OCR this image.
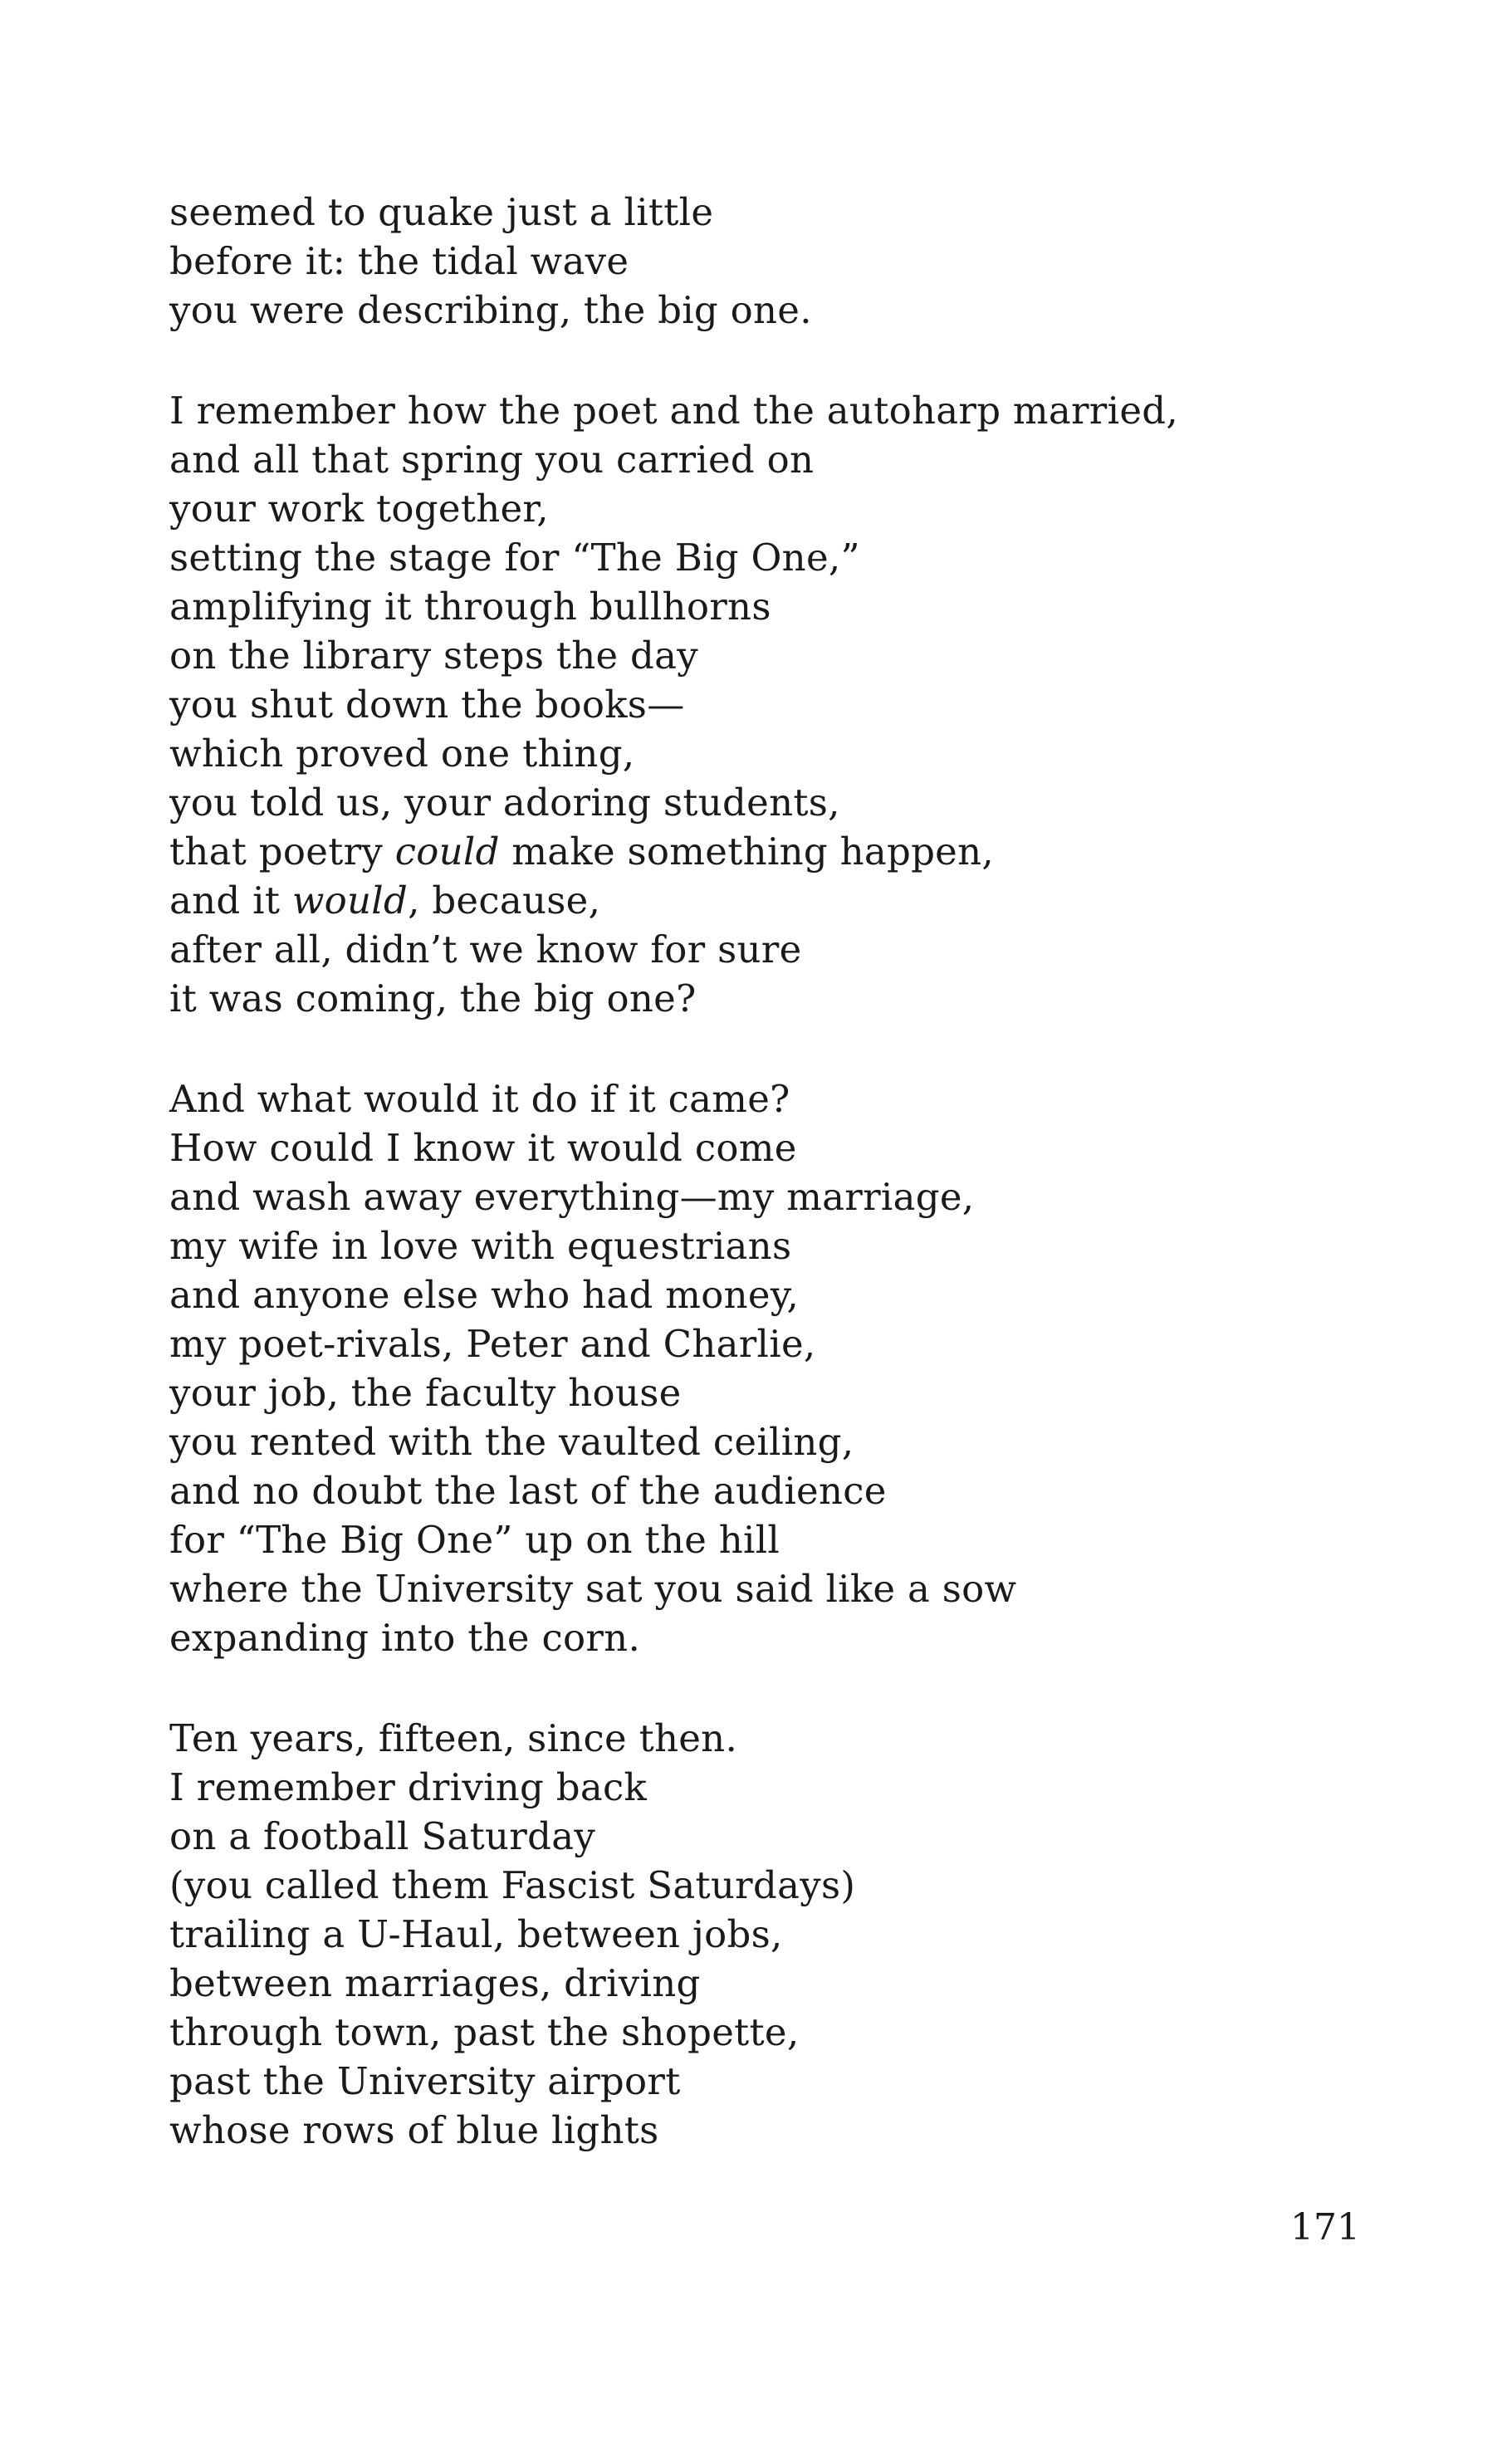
seemed to quake just a little
before it: the tidal wave
you were describing, the big one.
I remember how the poet and the autoharp married,
and all that spring you carried on
your work together,
setting the stage for “The Big One,”
amplifying it through bullhorns
on the library steps the day
you shut down the books—
which proved one thing,
you told us, your adoring students,
that poetry could make something happen,
and it would, because,
after all, didn’t we know for sure
it was coming, the big one?
And what would it do if it came?
How could I know it would come
and wash away everything—my marriage,
my wife in love with equestrians
and anyone else who had money,
my poet-rivals, Peter and Charlie,
your job, the faculty house
you rented with the vaulted ceiling,
and no doubt the last of the audience
for “The Big One” up on the hill
where the University sat you said like a sow
expanding into the corn.
Ten years, fifteen, since then.
I remember driving back
on a football Saturday
(you called them Fascist Saturdays)
trailing a U-Haul, between jobs,
between marriages, driving
through town, past the shopette,
past the University airport
whose rows of blue lights
171
